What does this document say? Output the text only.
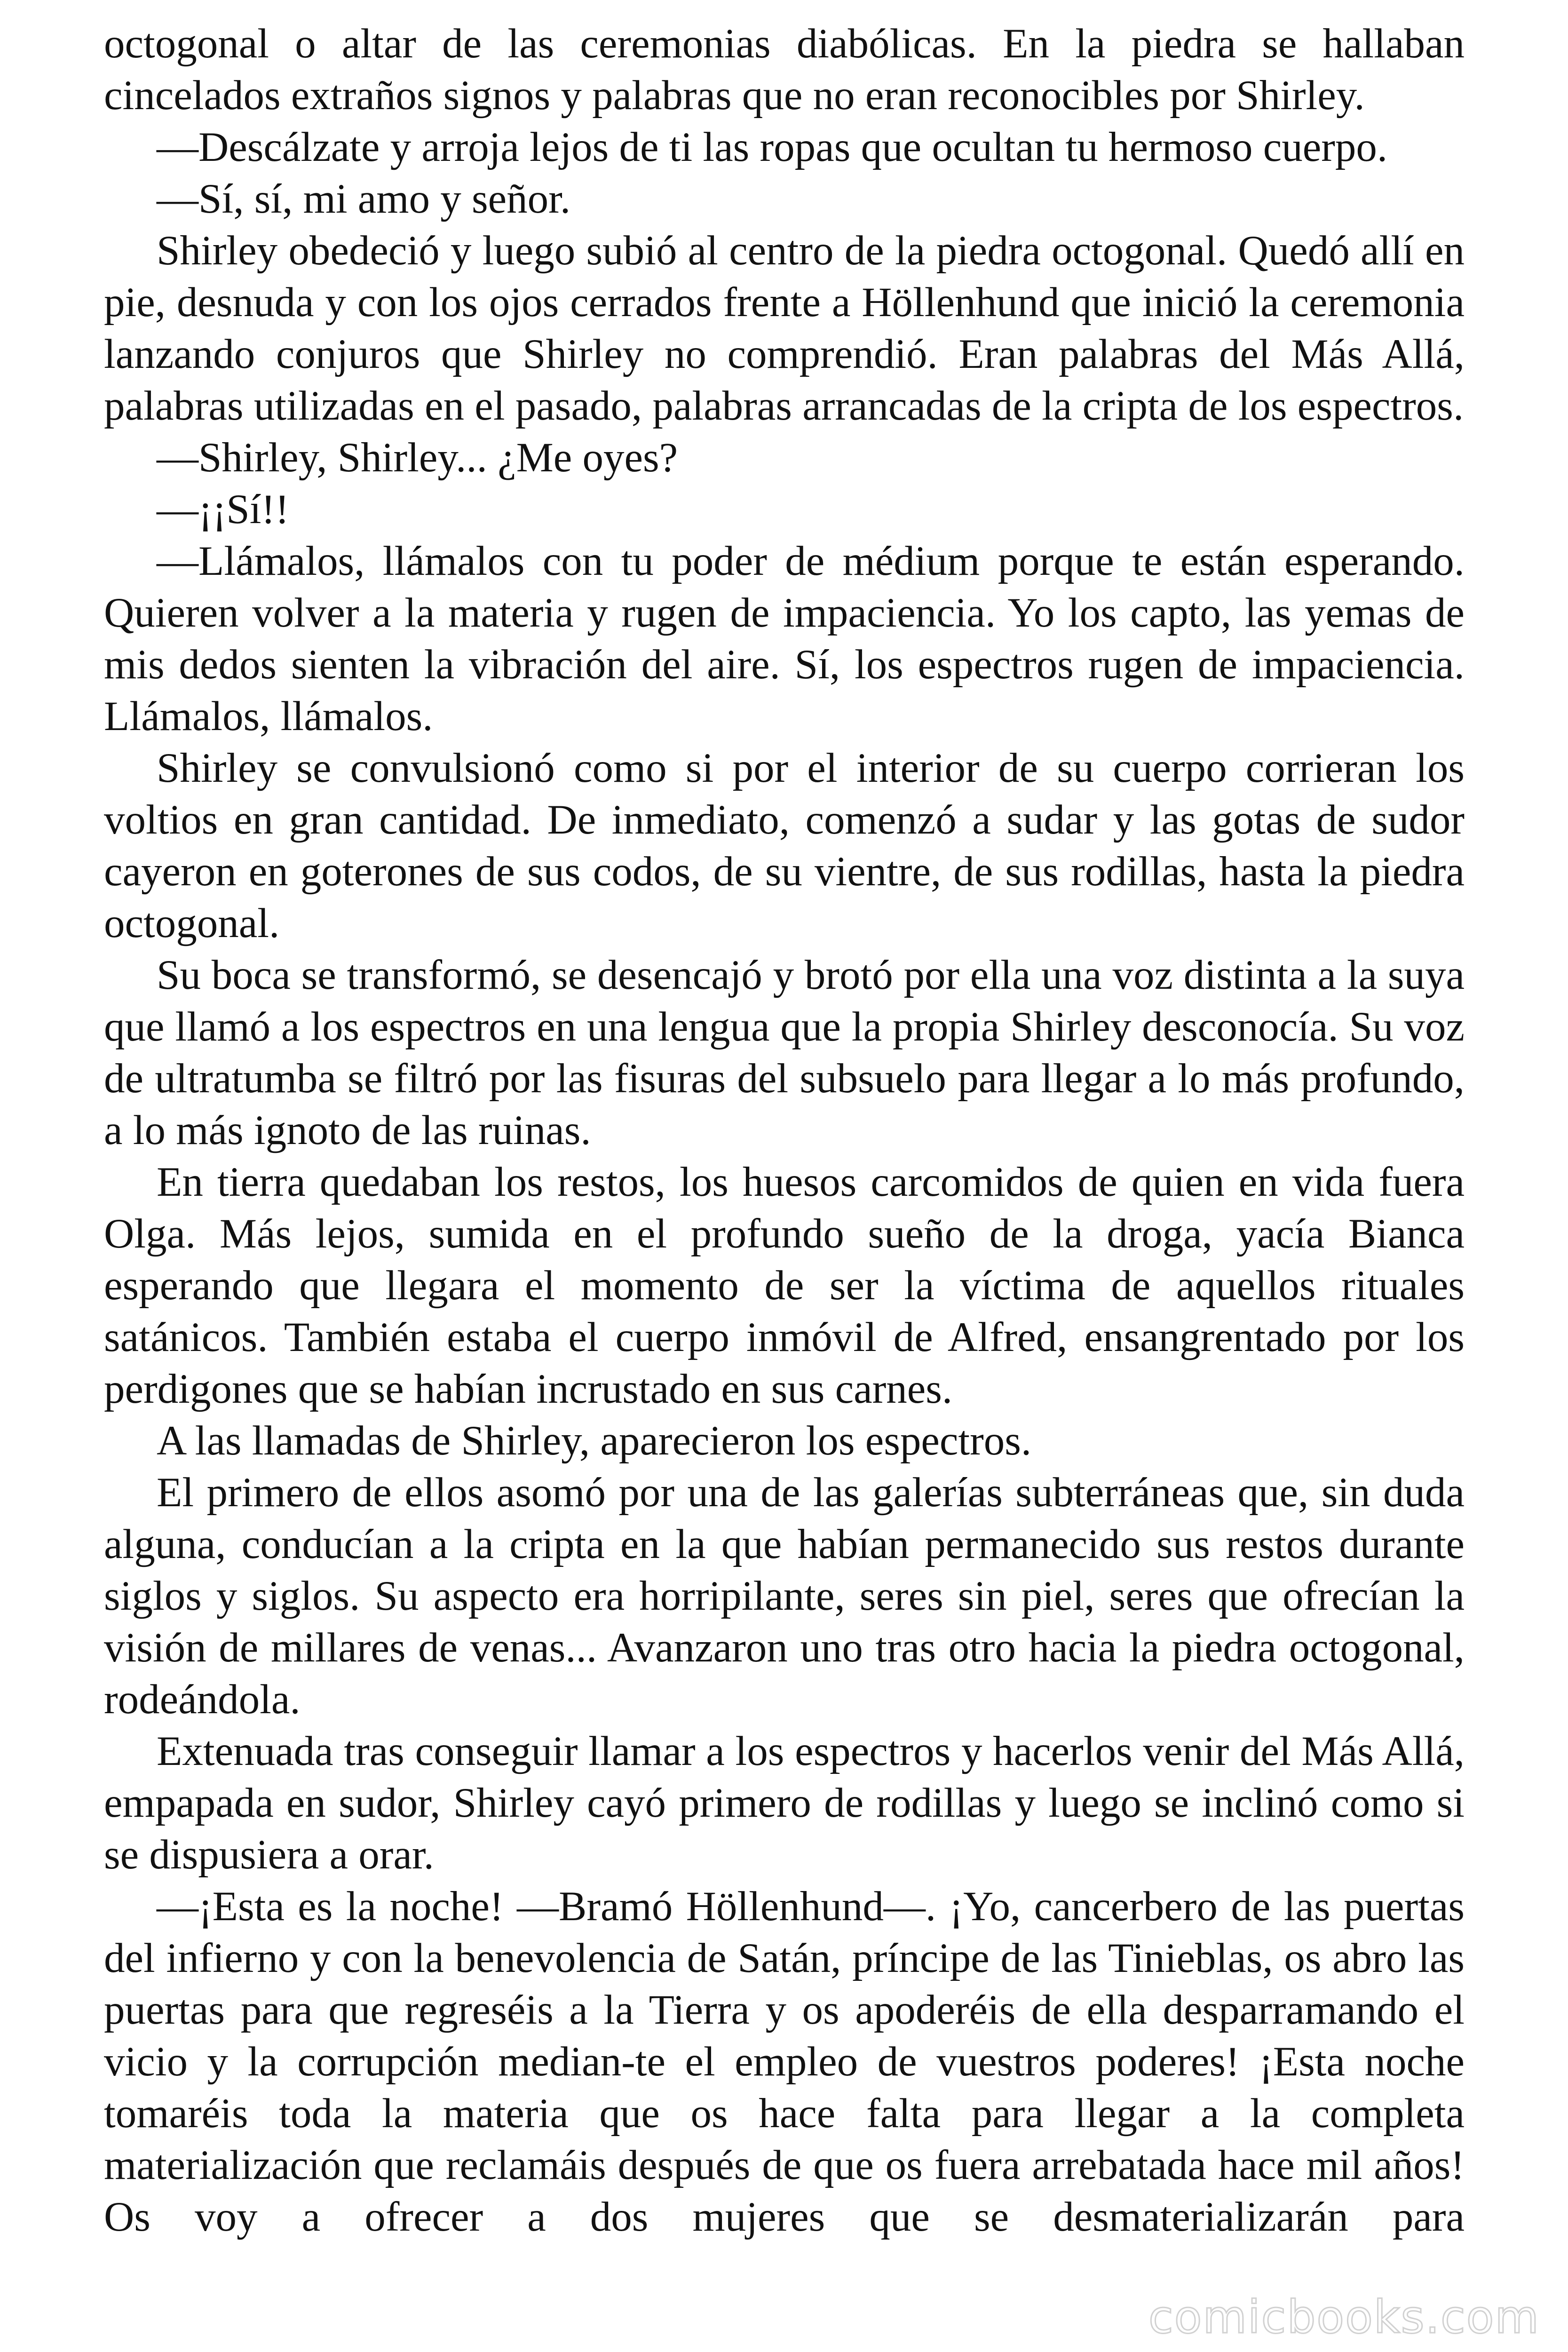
octogonal o altar de las ceremonias diabólicas. En la piedra se hallaban cincelados extraños signos y palabras que no eran reconocibles por Shirley.

—Descálzate y arroja lejos de ti las ropas que ocultan tu hermoso cuerpo.

—Sí, sí, mi amo y señor.

Shirley obedeció y luego subió al centro de la piedra octogonal. Quedó allí en pie, desnuda y con los ojos cerrados frente a Höllenhund que inició la ceremonia lanzando conjuros que Shirley no comprendió. Eran palabras del Más Allá, palabras utilizadas en el pasado, palabras arrancadas de la cripta de los espectros.

—Shirley, Shirley... ¿Me oyes?

—¡¡Sí!!

—Llámalos, llámalos con tu poder de médium porque te están esperando. Quieren volver a la materia y rugen de impaciencia. Yo los capto, las yemas de mis dedos sienten la vibración del aire. Sí, los espectros rugen de impaciencia. Llámalos, llámalos.

Shirley se convulsionó como si por el interior de su cuerpo corrieran los voltios en gran cantidad. De inmediato, comenzó a sudar y las gotas de sudor cayeron en goterones de sus codos, de su vientre, de sus rodillas, hasta la piedra octogonal.

Su boca se transformó, se desencajó y brotó por ella una voz distinta a la suya que llamó a los espectros en una lengua que la propia Shirley desconocía. Su voz de ultratumba se filtró por las fisuras del subsuelo para llegar a lo más profundo, a lo más ignoto de las ruinas.

En tierra quedaban los restos, los huesos carcomidos de quien en vida fuera Olga. Más lejos, sumida en el profundo sueño de la droga, yacía Bianca esperando que llegara el momento de ser la víctima de aquellos rituales satánicos. También estaba el cuerpo inmóvil de Alfred, ensangrentado por los perdigones que se habían incrustado en sus carnes.

A las llamadas de Shirley, aparecieron los espectros.

El primero de ellos asomó por una de las galerías subterráneas que, sin duda alguna, conducían a la cripta en la que habían permanecido sus restos durante siglos y siglos. Su aspecto era horripilante, seres sin piel, seres que ofrecían la visión de millares de venas... Avanzaron uno tras otro hacia la piedra octogonal, rodeándola.

Extenuada tras conseguir llamar a los espectros y hacerlos venir del Más Allá, empapada en sudor, Shirley cayó primero de rodillas y luego se inclinó como si se dispusiera a orar.

—¡Esta es la noche! —Bramó Höllenhund—. ¡Yo, cancerbero de las puertas del infierno y con la benevolencia de Satán, príncipe de las Tinieblas, os abro las puertas para que regreséis a la Tierra y os apoderéis de ella desparramando el vicio y la corrupción median-te el empleo de vuestros poderes! ¡Esta noche tomaréis toda la materia que os hace falta para llegar a la completa materialización que reclamáis después de que os fuera arrebatada hace mil años! Os voy a ofrecer a dos mujeres que se desmaterializarán para

comicbooks.com
